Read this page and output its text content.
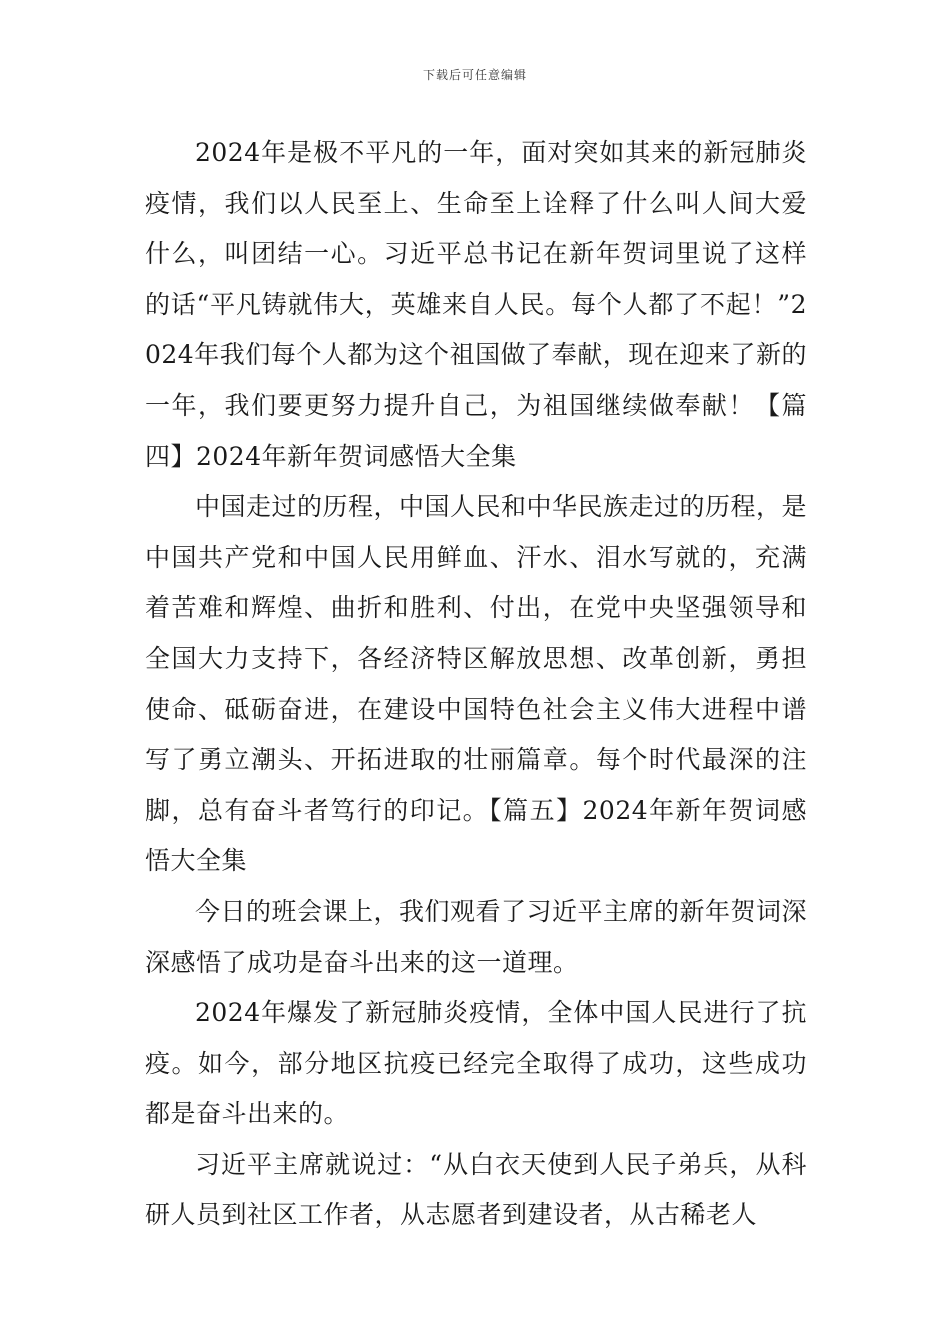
下载后可任意编辑

2024年是极不平凡的一年，面对突如其来的新冠肺炎疫情，我们以人民至上、生命至上诠释了什么叫人间大爱什么，叫团结一心。习近平总书记在新年贺词里说了这样的话“平凡铸就伟大，英雄来自人民。每个人都了不起！”2024年我们每个人都为这个祖国做了奉献，现在迎来了新的一年，我们要更努力提升自己，为祖国继续做奉献！【篇四】2024年新年贺词感悟大全集

中国走过的历程，中国人民和中华民族走过的历程，是中国共产党和中国人民用鲜血、汗水、泪水写就的，充满着苦难和辉煌、曲折和胜利、付出，在党中央坚强领导和全国大力支持下，各经济特区解放思想、改革创新，勇担使命、砥砺奋进，在建设中国特色社会主义伟大进程中谱写了勇立潮头、开拓进取的壮丽篇章。每个时代最深的注脚，总有奋斗者笃行的印记。【篇五】2024年新年贺词感悟大全集

今日的班会课上，我们观看了习近平主席的新年贺词深深感悟了成功是奋斗出来的这一道理。

2024年爆发了新冠肺炎疫情，全体中国人民进行了抗疫。如今，部分地区抗疫已经完全取得了成功，这些成功都是奋斗出来的。

习近平主席就说过：“从白衣天使到人民子弟兵，从科研人员到社区工作者，从志愿者到建设者，从古稀老人
